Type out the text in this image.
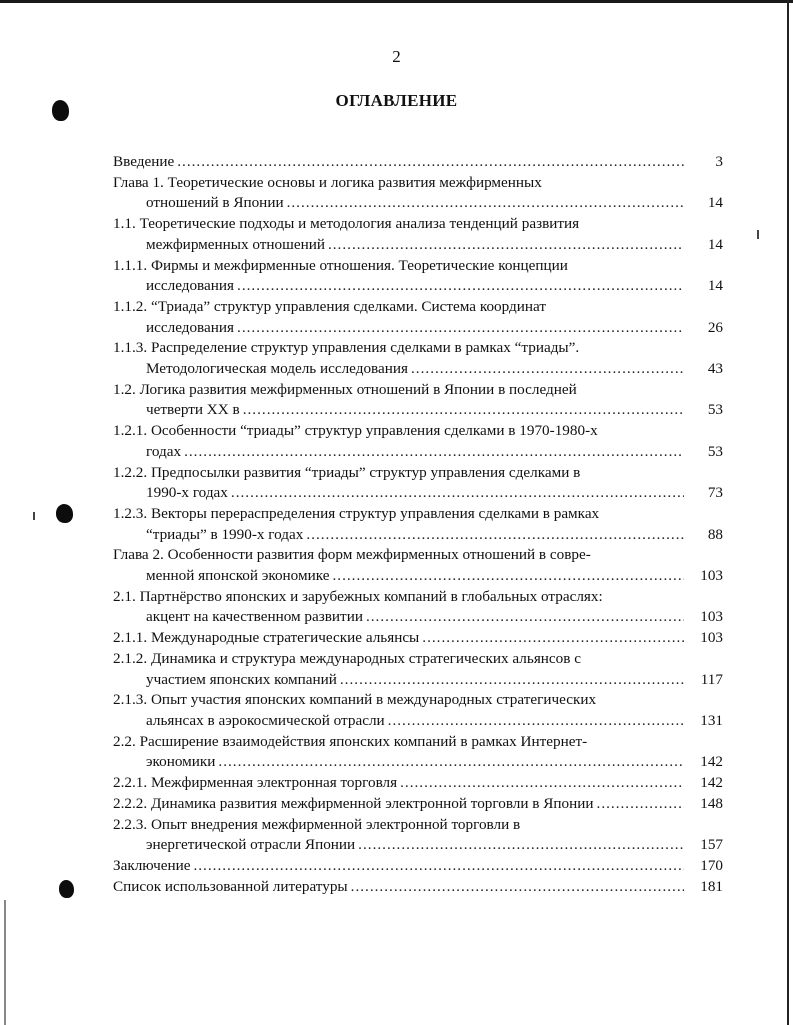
2
ОГЛАВЛЕНИЕ
Введение .....	3
Глава 1. Теоретические основы и логика развития межфирменных
отношений в Японии .....	14
1.1. Теоретические подходы и методология анализа тенденций развития
межфирменных отношений .....	14
1.1.1. Фирмы и межфирменные отношения. Теоретические концепции
исследования .....	14
1.1.2. “Триада” структур управления сделками. Система координат
исследования .....	26
1.1.3. Распределение структур управления сделками в рамках “триады”.
Методологическая модель исследования .....	43
1.2. Логика развития межфирменных отношений в Японии в последней
четверти XX в .....	53
1.2.1. Особенности “триады” структур управления сделками в 1970-1980-х
годах .....	53
1.2.2. Предпосылки развития “триады” структур управления сделками в
1990-х годах .....	73
1.2.3. Векторы перераспределения структур управления сделками в рамках
“триады” в 1990-х годах .....	88
Глава 2. Особенности развития форм межфирменных отношений в совре-
менной японской экономике .....	103
2.1. Партнёрство японских и зарубежных компаний в глобальных отраслях:
акцент на качественном развитии .....	103
2.1.1. Международные стратегические альянсы .....	103
2.1.2. Динамика и структура международных стратегических альянсов с
участием японских компаний .....	117
2.1.3. Опыт участия японских компаний в международных стратегических
альянсах в аэрокосмической отрасли .....	131
2.2. Расширение взаимодействия японских компаний в рамках Интернет-
экономики .....	142
2.2.1. Межфирменная электронная торговля .....	142
2.2.2. Динамика развития межфирменной электронной торговли в Японии .....	148
2.2.3. Опыт внедрения межфирменной электронной торговли в
энергетической отрасли Японии .....	157
Заключение .....	170
Список использованной литературы .....	181
